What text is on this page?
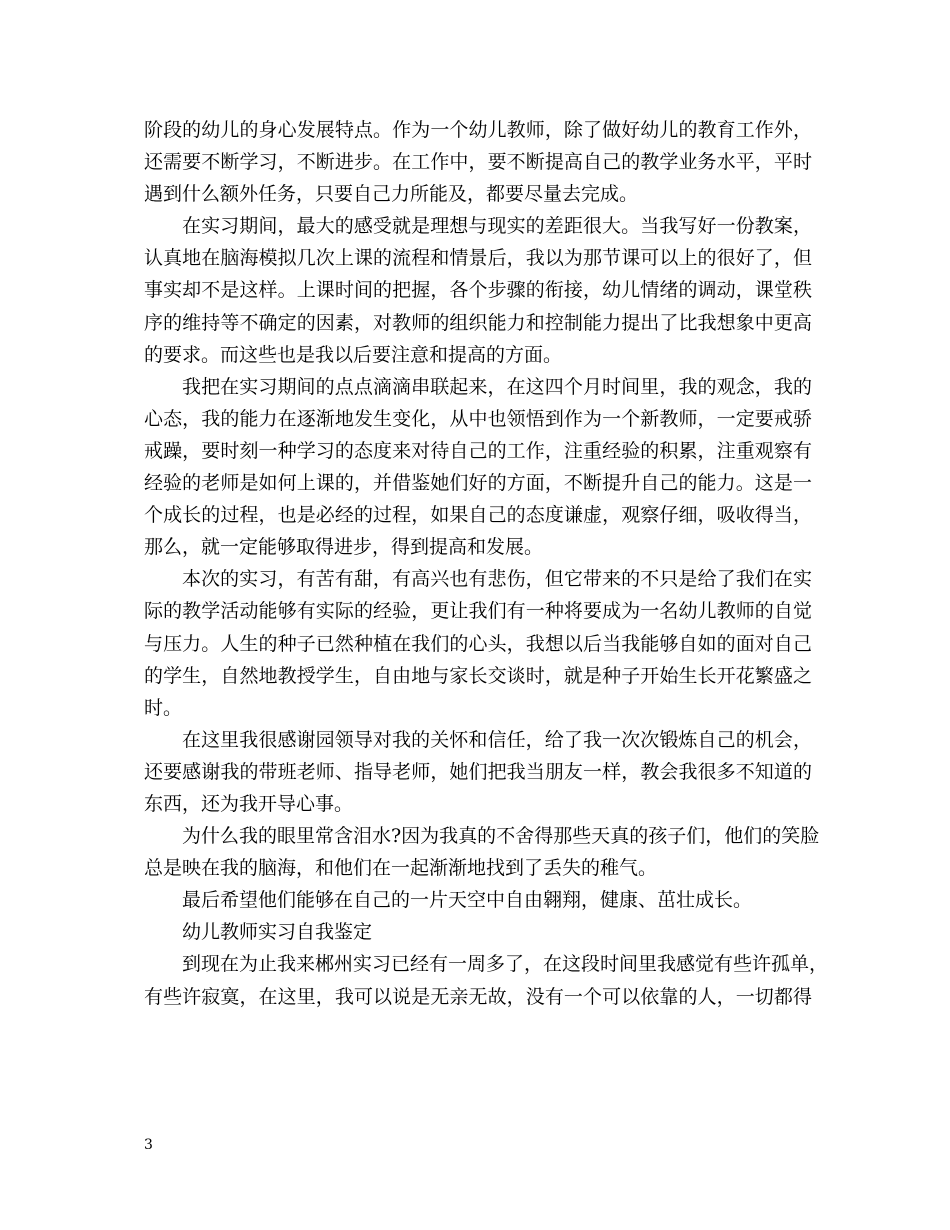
阶段的幼儿的身心发展特点。作为一个幼儿教师，除了做好幼儿的教育工作外，
还需要不断学习，不断进步。在工作中，要不断提高自己的教学业务水平，平时
遇到什么额外任务，只要自己力所能及，都要尽量去完成。
在实习期间，最大的感受就是理想与现实的差距很大。当我写好一份教案，
认真地在脑海模拟几次上课的流程和情景后，我以为那节课可以上的很好了，但
事实却不是这样。上课时间的把握，各个步骤的衔接，幼儿情绪的调动，课堂秩
序的维持等不确定的因素，对教师的组织能力和控制能力提出了比我想象中更高
的要求。而这些也是我以后要注意和提高的方面。
我把在实习期间的点点滴滴串联起来，在这四个月时间里，我的观念，我的
心态，我的能力在逐渐地发生变化，从中也领悟到作为一个新教师，一定要戒骄
戒躁，要时刻一种学习的态度来对待自己的工作，注重经验的积累，注重观察有
经验的老师是如何上课的，并借鉴她们好的方面，不断提升自己的能力。这是一
个成长的过程，也是必经的过程，如果自己的态度谦虚，观察仔细，吸收得当，
那么，就一定能够取得进步，得到提高和发展。
本次的实习，有苦有甜，有高兴也有悲伤，但它带来的不只是给了我们在实
际的教学活动能够有实际的经验，更让我们有一种将要成为一名幼儿教师的自觉
与压力。人生的种子已然种植在我们的心头，我想以后当我能够自如的面对自己
的学生，自然地教授学生，自由地与家长交谈时，就是种子开始生长开花繁盛之
时。
在这里我很感谢园领导对我的关怀和信任，给了我一次次锻炼自己的机会，
还要感谢我的带班老师、指导老师，她们把我当朋友一样，教会我很多不知道的
东西，还为我开导心事。
为什么我的眼里常含泪水?因为我真的不舍得那些天真的孩子们，他们的笑脸
总是映在我的脑海，和他们在一起渐渐地找到了丢失的稚气。
最后希望他们能够在自己的一片天空中自由翱翔，健康、茁壮成长。
幼儿教师实习自我鉴定
到现在为止我来郴州实习已经有一周多了，在这段时间里我感觉有些许孤单，
有些许寂寞，在这里，我可以说是无亲无故，没有一个可以依靠的人，一切都得
3
